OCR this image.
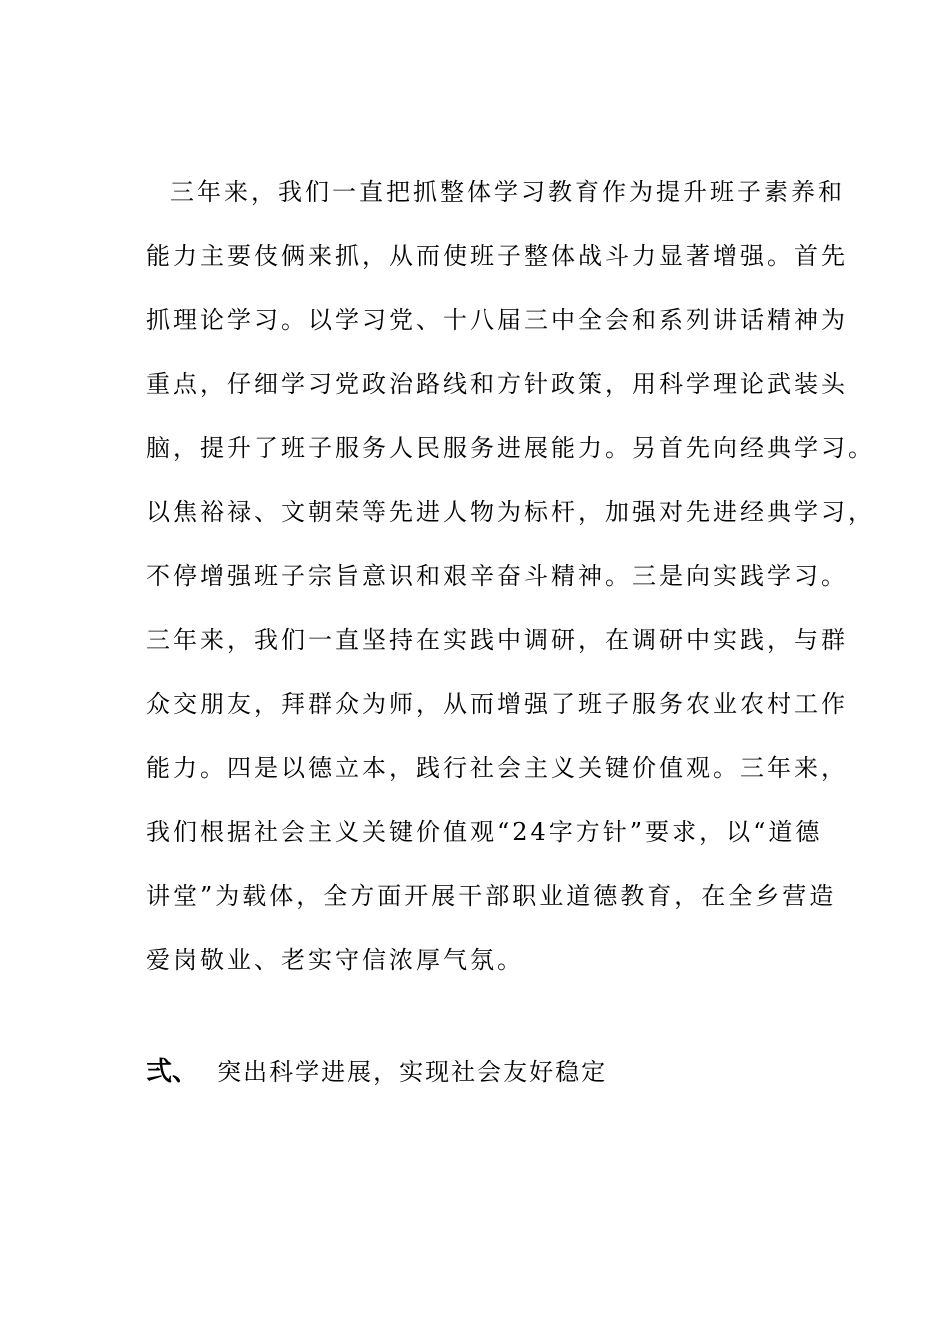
三年来，我们一直把抓整体学习教育作为提升班子素养和
能力主要伎俩来抓，从而使班子整体战斗力显著增强。首先
抓理论学习。以学习党、十八届三中全会和系列讲话精神为
重点，仔细学习党政治路线和方针政策，用科学理论武装头
脑，提升了班子服务人民服务进展能力。另首先向经典学习。
以焦裕禄、文朝荣等先进人物为标杆，加强对先进经典学习，
不停增强班子宗旨意识和艰辛奋斗精神。三是向实践学习。
三年来，我们一直坚持在实践中调研，在调研中实践，与群
众交朋友，拜群众为师，从而增强了班子服务农业农村工作
能力。四是以德立本，践行社会主义关键价值观。三年来，
我们根据社会主义关键价值观“24字方针”要求，以“道德
讲堂”为载体，全方面开展干部职业道德教育，在全乡营造
爱岗敬业、老实守信浓厚气氛。
弍、 突出科学进展，实现社会友好稳定
